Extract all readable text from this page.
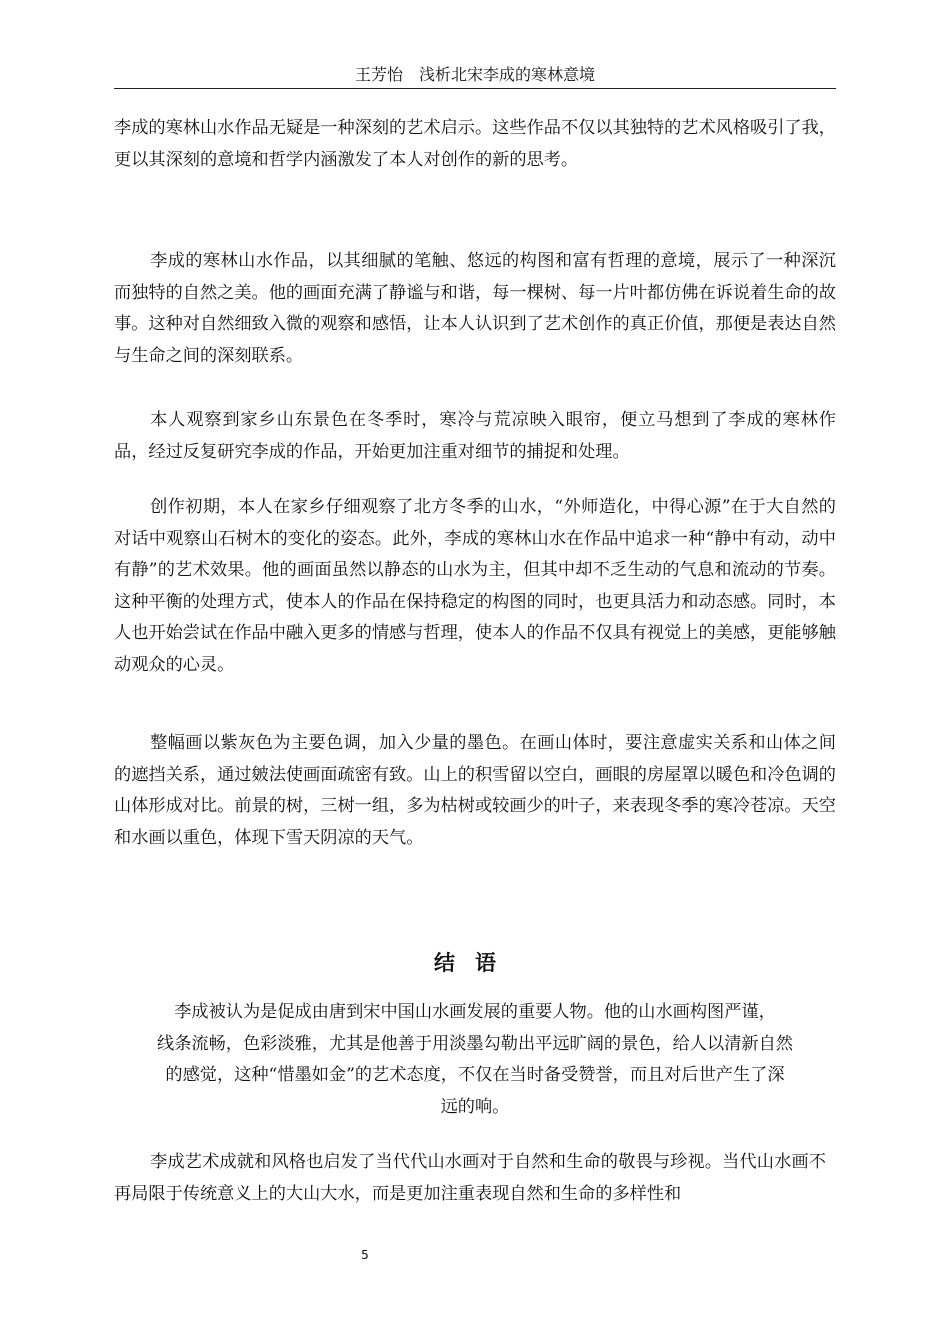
王芳怡　浅析北宋李成的寒林意境

李成的寒林山水作品无疑是一种深刻的艺术启示。这些作品不仅以其独特的艺术风格吸引了我，更以其深刻的意境和哲学内涵激发了本人对创作的新的思考。

李成的寒林山水作品，以其细腻的笔触、悠远的构图和富有哲理的意境，展示了一种深沉而独特的自然之美。他的画面充满了静谧与和谐，每一棵树、每一片叶都仿佛在诉说着生命的故事。这种对自然细致入微的观察和感悟，让本人认识到了艺术创作的真正价值，那便是表达自然与生命之间的深刻联系。

本人观察到家乡山东景色在冬季时，寒冷与荒凉映入眼帘，便立马想到了李成的寒林作品，经过反复研究李成的作品，开始更加注重对细节的捕捉和处理。

创作初期，本人在家乡仔细观察了北方冬季的山水，“外师造化，中得心源”在于大自然的对话中观察山石树木的变化的姿态。此外，李成的寒林山水在作品中追求一种“静中有动，动中有静”的艺术效果。他的画面虽然以静态的山水为主，但其中却不乏生动的气息和流动的节奏。这种平衡的处理方式，使本人的作品在保持稳定的构图的同时，也更具活力和动态感。同时，本人也开始尝试在作品中融入更多的情感与哲理，使本人的作品不仅具有视觉上的美感，更能够触动观众的心灵。

整幅画以紫灰色为主要色调，加入少量的墨色。在画山体时，要注意虚实关系和山体之间的遮挡关系，通过皴法使画面疏密有致。山上的积雪留以空白，画眼的房屋罩以暖色和冷色调的山体形成对比。前景的树，三树一组，多为枯树或较画少的叶子，来表现冬季的寒冷苍凉。天空和水画以重色，体现下雪天阴凉的天气。

结语
李成被认为是促成由唐到宋中国山水画发展的重要人物。他的山水画构图严谨，
线条流畅，色彩淡雅，尤其是他善于用淡墨勾勒出平远旷阔的景色，给人以清新自然
的感觉，这种“惜墨如金”的艺术态度，不仅在当时备受赞誉，而且对后世产生了深
远的响。

李成艺术成就和风格也启发了当代代山水画对于自然和生命的敬畏与珍视。当代山水画不再局限于传统意义上的大山大水，而是更加注重表现自然和生命的多样性和

5
